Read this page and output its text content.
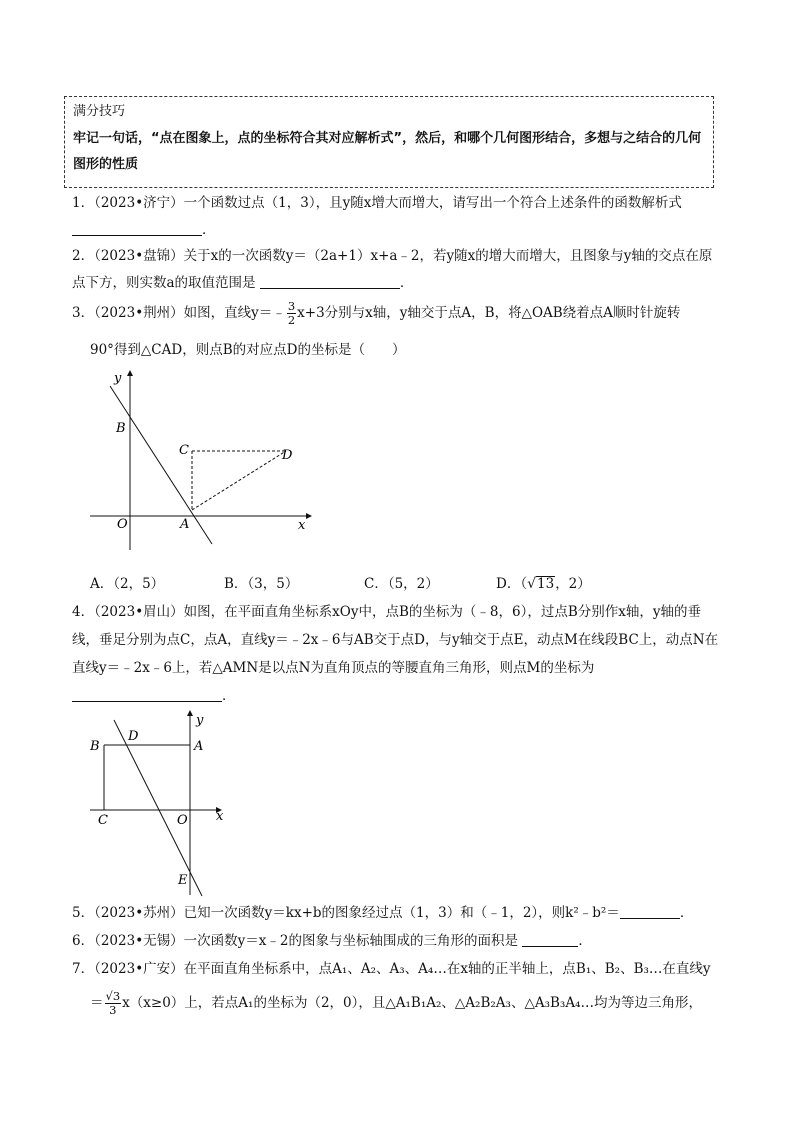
满分技巧
牢记一句话，“点在图象上，点的坐标符合其对应解析式”，然后，和哪个几何图形结合，多想与之结合的几何图形的性质
1．（2023•济宁）一个函数过点（1，3），且y随x增大而增大，请写出一个符合上述条件的函数解析式 ．
2．（2023•盘锦）关于x的一次函数y＝（2a+1）x+a﹣2，若y随x的增大而增大，且图象与y轴的交点在原点下方，则实数a的取值范围是	．
3．（2023•荆州）如图，直线y＝﹣ $\frac{3}{2} x+3$分别与x轴，y轴交于点A，B，将△OAB绕着点A顺时针旋转
90°得到△CAD，则点B的对应点D的坐标是（　　）
y
x
B
C	D
O	A
A．（2，5）	B．（3，5）	C．（5，2）	D．（√13，2）
4．（2023•眉山）如图，在平面直角坐标系xOy中，点B的坐标为（﹣8，6），过点B分别作x轴，y轴的垂线，垂足分别为点C，点A，直线y＝﹣2x﹣6与AB交于点D，与y轴交于点E，动点M在线段BC上，动点N在直线y＝﹣2x﹣6上，若△AMN是以点N为直角顶点的等腰直角三角形，则点M的坐标为 ．
y
x
B
D
A
C	O
E
5．（2023•苏州）已知一次函数y＝kx+b的图象经过点（1，3）和（﹣1，2），则k²﹣b²＝	．
6．（2023•无锡）一次函数y＝x﹣2的图象与坐标轴围成的三角形的面积是	．
7．（2023•广安）在平面直角坐标系中，点A₁、A₂、A₃、A₄…在x轴的正半轴上，点B₁、B₂、B₃…在直线y
＝ $\frac{√3}{3} x(x\ge 0)$上，若点A₁的坐标为（2，0），且△A₁B₁A₂、△A₂B₂A₃、△A₃B₃A₄…均为等边三角形，
